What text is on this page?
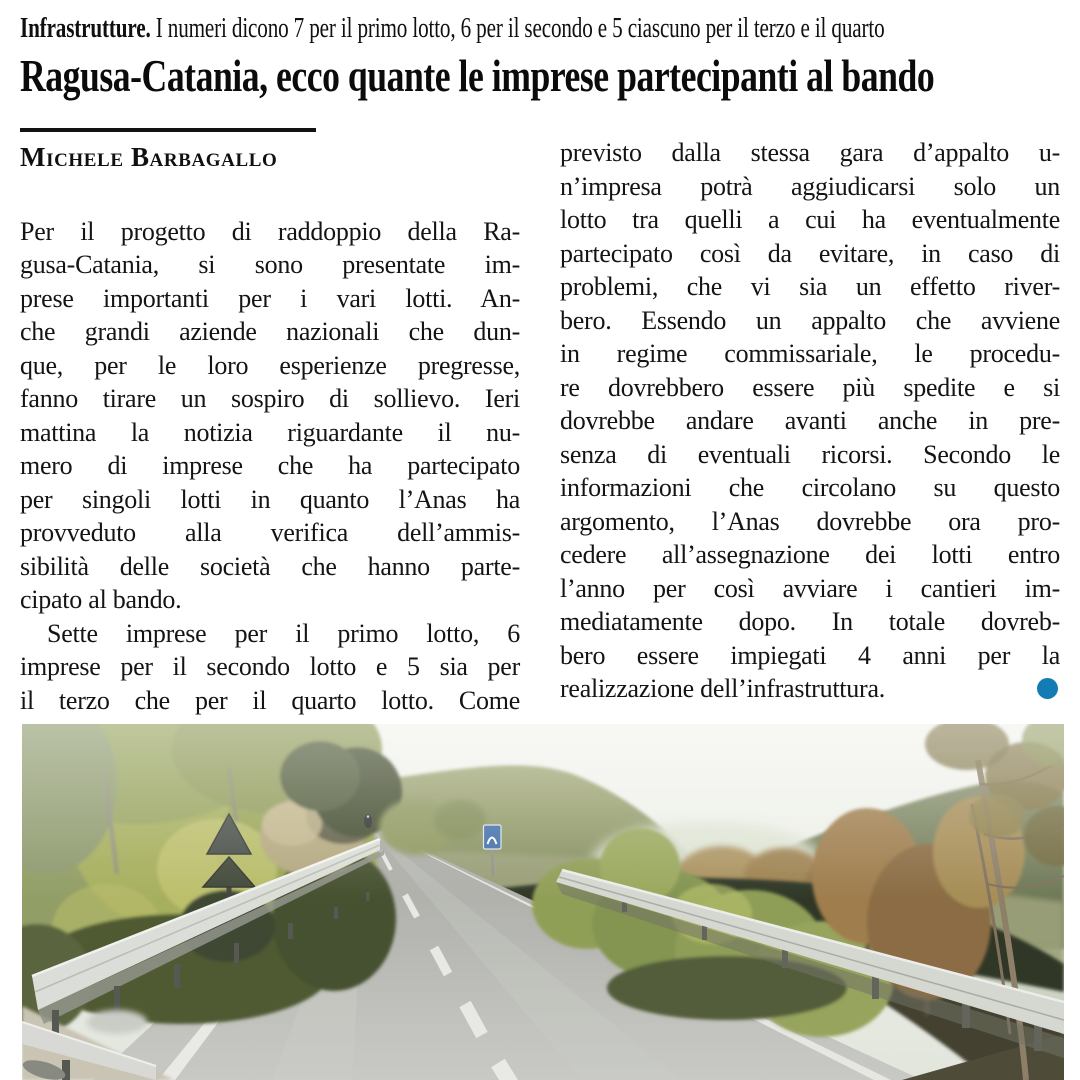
Infrastrutture. I numeri dicono 7 per il primo lotto, 6 per il secondo e 5 ciascuno per il terzo e il quarto

Ragusa-Catania, ecco quante le imprese partecipanti al bando

Michele Barbagallo

Per il progetto di raddoppio della Ra-
gusa-Catania, si sono presentate im-
prese importanti per i vari lotti. An-
che grandi aziende nazionali che dun-
que, per le loro esperienze pregresse,
fanno tirare un sospiro di sollievo. Ieri
mattina la notizia riguardante il nu-
mero di imprese che ha partecipato
per singoli lotti in quanto l’Anas ha
provveduto alla verifica dell’ammis-
sibilità delle società che hanno parte-
cipato al bando.
Sette imprese per il primo lotto, 6
imprese per il secondo lotto e 5 sia per
il terzo che per il quarto lotto. Come
previsto dalla stessa gara d’appalto u-
n’impresa potrà aggiudicarsi solo un
lotto tra quelli a cui ha eventualmente
partecipato così da evitare, in caso di
problemi, che vi sia un effetto river-
bero. Essendo un appalto che avviene
in regime commissariale, le procedu-
re dovrebbero essere più spedite e si
dovrebbe andare avanti anche in pre-
senza di eventuali ricorsi. Secondo le
informazioni che circolano su questo
argomento, l’Anas dovrebbe ora pro-
cedere all’assegnazione dei lotti entro
l’anno per così avviare i cantieri im-
mediatamente dopo. In totale dovreb-
bero essere impiegati 4 anni per la
realizzazione dell’infrastruttura.
